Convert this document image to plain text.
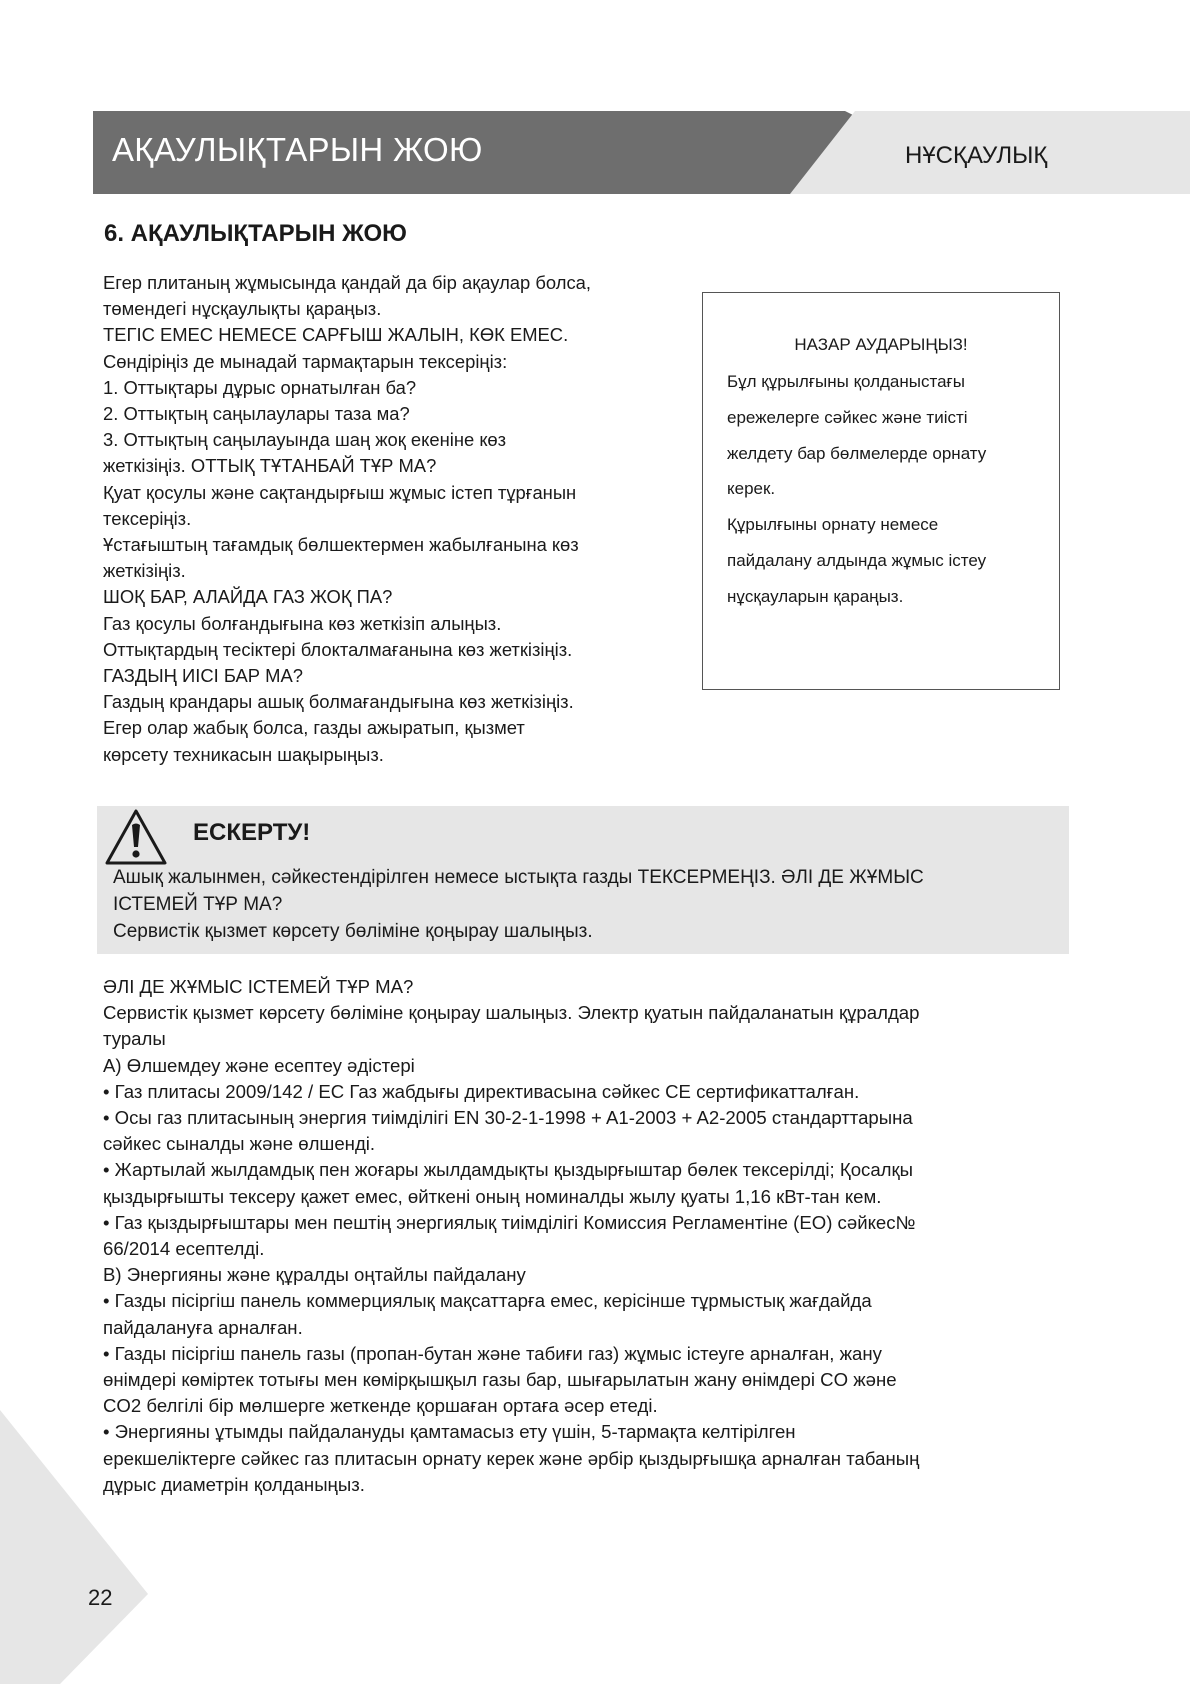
АҚАУЛЫҚТАРЫН ЖОЮ	НҰСҚАУЛЫҚ
6. АҚАУЛЫҚТАРЫН ЖОЮ

Егер плитаның жұмысында қандай да бір ақаулар болса,

төмендегі нұсқаулықты қараңыз.

ТЕГІС ЕМЕС НЕМЕСЕ САРҒЫШ ЖАЛЫН, КӨК ЕМЕС.

Сөндіріңіз де мынадай тармақтарын тексеріңіз:

1. Оттықтары дұрыс орнатылған ба?

2. Оттықтың саңылаулары таза ма?

3. Оттықтың саңылауында шаң жоқ екеніне көз

жеткізіңіз. ОТТЫҚ ТҰТАНБАЙ ТҰР МА?

Қуат қосулы және сақтандырғыш жұмыс істеп тұрғанын

тексеріңіз.

Ұстағыштың тағамдық бөлшектермен жабылғанына көз

жеткізіңіз.

ШОҚ БАР, АЛАЙДА ГАЗ ЖОҚ ПА?

Газ қосулы болғандығына көз жеткізіп алыңыз.

Оттықтардың тесіктері блокталмағанына көз жеткізіңіз.

ГАЗДЫҢ ИІСІ БАР МА?

Газдың крандары ашық болмағандығына көз жеткізіңіз.

Егер олар жабық болса, газды ажыратып, қызмет

көрсету техникасын шақырыңыз.

НАЗАР АУДАРЫҢЫЗ!

Бұл құрылғыны қолданыстағы

ережелерге сәйкес және тиісті

желдету бар бөлмелерде орнату

керек.

Құрылғыны орнату немесе

пайдалану алдында жұмыс істеу

нұсқауларын қараңыз.

ЕСКЕРТУ!

Ашық жалынмен, сәйкестендірілген немесе ыстықта газды ТЕКСЕРМЕҢІЗ. ӘЛІ ДЕ ЖҰМЫС

ІСТЕМЕЙ ТҰР МА?

Сервистік қызмет көрсету бөліміне қоңырау шалыңыз.

ӘЛІ ДЕ ЖҰМЫС ІСТЕМЕЙ ТҰР МА?

Сервистік қызмет көрсету бөліміне қоңырау шалыңыз. Электр қуатын пайдаланатын құралдар

туралы

А) Өлшемдеу және есептеу әдістері

• Газ плитасы 2009/142 / EC Газ жабдығы директивасына сәйкес CE сертификатталған.

• Осы газ плитасының энергия тиімділігі EN 30-2-1-1998 + A1-2003 + A2-2005 стандарттарына

сәйкес сыналды және өлшенді.

• Жартылай жылдамдық пен жоғары жылдамдықты қыздырғыштар бөлек тексерілді; Қосалқы

қыздырғышты тексеру қажет емес, өйткені оның номиналды жылу қуаты 1,16 кВт-тан кем.

• Газ қыздырғыштары мен пештің энергиялық тиімділігі Комиссия Регламентіне (ЕО) сәйкес№

66/2014 есептелді.

В) Энергияны және құралды оңтайлы пайдалану

• Газды пісіргіш панель коммерциялық мақсаттарға емес, керісінше тұрмыстық жағдайда

пайдалануға арналған.

• Газды пісіргіш панель газы (пропан-бутан және табиғи газ) жұмыс істеуге арналған, жану

өнімдері көміртек тотығы мен көмірқышқыл газы бар, шығарылатын жану өнімдері CO және

CO2 белгілі бір мөлшерге жеткенде қоршаған ортаға әсер етеді.

• Энергияны ұтымды пайдалануды қамтамасыз ету үшін, 5-тармақта келтірілген

ерекшеліктерге сәйкес газ плитасын орнату керек және әрбір қыздырғышқа арналған табаның

дұрыс диаметрін қолданыңыз.

22
